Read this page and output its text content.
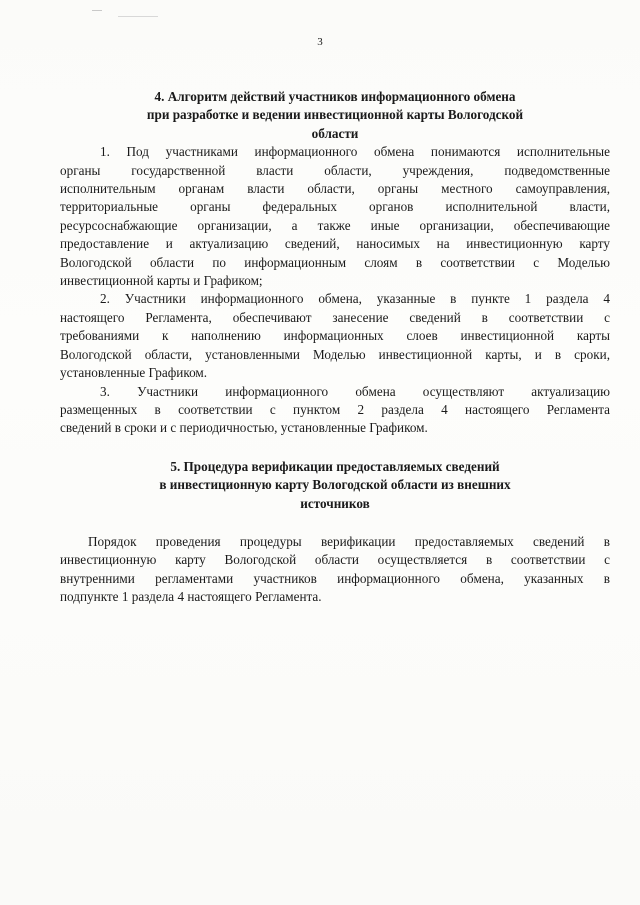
3
4. Алгоритм действий участников информационного обмена
при разработке и ведении инвестиционной карты Вологодской
области
1. Под участниками информационного обмена понимаются исполнительные
органы государственной власти области, учреждения, подведомственные
исполнительным органам власти области, органы местного самоуправления,
территориальные органы федеральных органов исполнительной власти,
ресурсоснабжающие организации, а также иные организации, обеспечивающие
предоставление и актуализацию сведений, наносимых на инвестиционную карту
Вологодской области по информационным слоям в соответствии с Моделью
инвестиционной карты и Графиком;
2. Участники информационного обмена, указанные в пункте 1 раздела 4
настоящего Регламента, обеспечивают занесение сведений в соответствии с
требованиями к наполнению информационных слоев инвестиционной карты
Вологодской области, установленными Моделью инвестиционной карты, и в сроки,
установленные Графиком.
3. Участники информационного обмена осуществляют актуализацию
размещенных в соответствии с пунктом 2 раздела 4 настоящего Регламента
сведений в сроки и с периодичностью, установленные Графиком.
5. Процедура верификации предоставляемых сведений
в инвестиционную карту Вологодской области из внешних
источников
Порядок проведения процедуры верификации предоставляемых сведений в
инвестиционную карту Вологодской области осуществляется в соответствии с
внутренними регламентами участников информационного обмена, указанных в
подпункте 1 раздела 4 настоящего Регламента.
